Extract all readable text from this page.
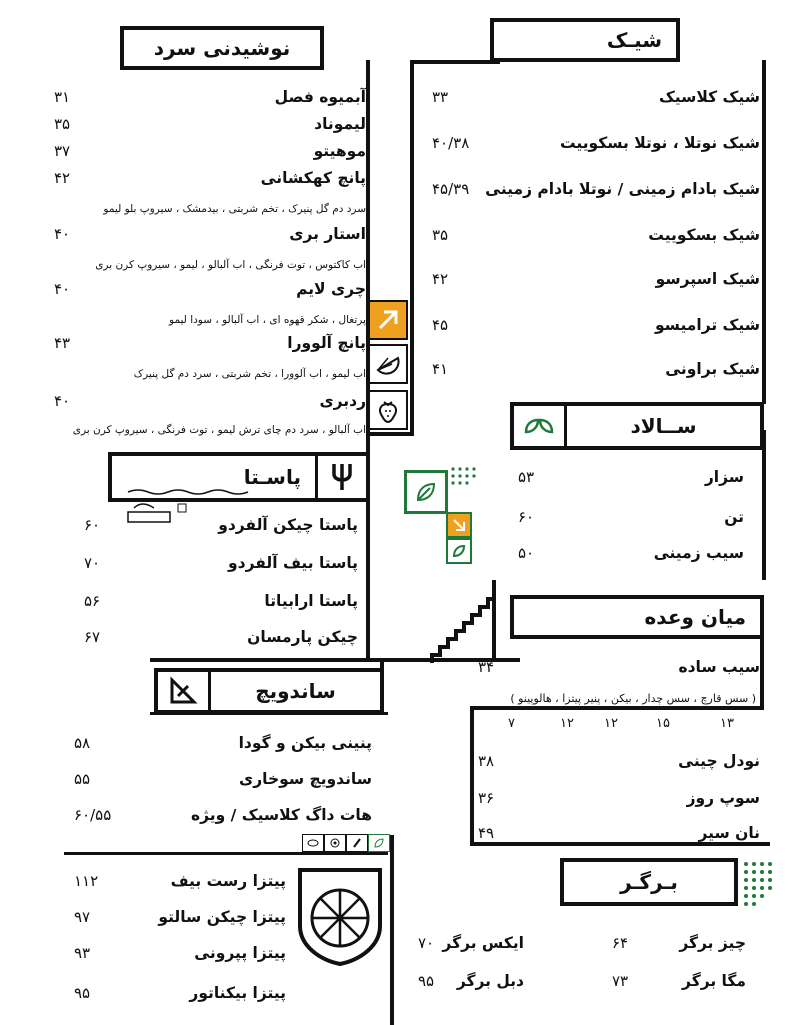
نوشیدنی سرد
آبمیوه فصل
۳۱
لیموناد
۳۵
موهیتو
۳۷
پانچ کهکشانی
۴۲
سرد دم گل پنیرک ، تخم شربتی ، بیدمشک ، سیروپ بلو لیمو
استار بری
۴۰
اب کاکتوس ، توت فرنگی ، اب آلبالو ، لیمو ، سیروپ کرن بری
چری لایم
۴۰
پرتغال ، شکر قهوه ای ، اب آلبالو ، سودا لیمو
پانچ آلوورا
۴۳
اب لیمو ، اب آلوورا ، تخم شربتی ، سرد دم گل پنیرک
ردبری
۴۰
اب آلبالو ، سرد دم چای ترش لیمو ، توت فرنگی ، سیروپ کرن بری
شیـک
شیک کلاسیک
۳۳
شیک نوتلا ، نوتلا بسکوییت
۴۰/۳۸
شیک بادام زمینی / نوتلا بادام زمینی
۴۵/۳۹
شیک بسکوییت
۳۵
شیک اسپرسو
۴۲
شیک ترامیسو
۴۵
شیک براونی
۴۱
ســالاد
سزار
۵۳
تن
۶۰
سیب زمینی
۵۰
پاسـتا
پاستا چیکن آلفردو
۶۰
پاستا بیف آلفردو
۷۰
پاستا ارابیاتا
۵۶
چیکن پارمسان
۶۷
میان وعده
سیب ساده
۳۴
( سس قارچ ، سس چدار ، بیکن ، پنیر پیتزا ، هالوپینو )
۱۳
۱۵
۱۲
۱۲
۷
نودل چینی
۳۸
سوپ روز
۳۶
نان سیر
۴۹
ساندویچ
پنینی بیکن و گودا
۵۸
ساندویچ سوخاری
۵۵
هات داگ کلاسیک / ویژه
۶۰/۵۵
پیتزا رست بیف
۱۱۲
پیتزا چیکن سالتو
۹۷
پیتزا پپرونی
۹۳
پیتزا بیکناتور
۹۵
بـرگـر
چیز برگر
۶۴
ایکس برگر
۷۰
مگا برگر
۷۳
دبل برگر
۹۵
